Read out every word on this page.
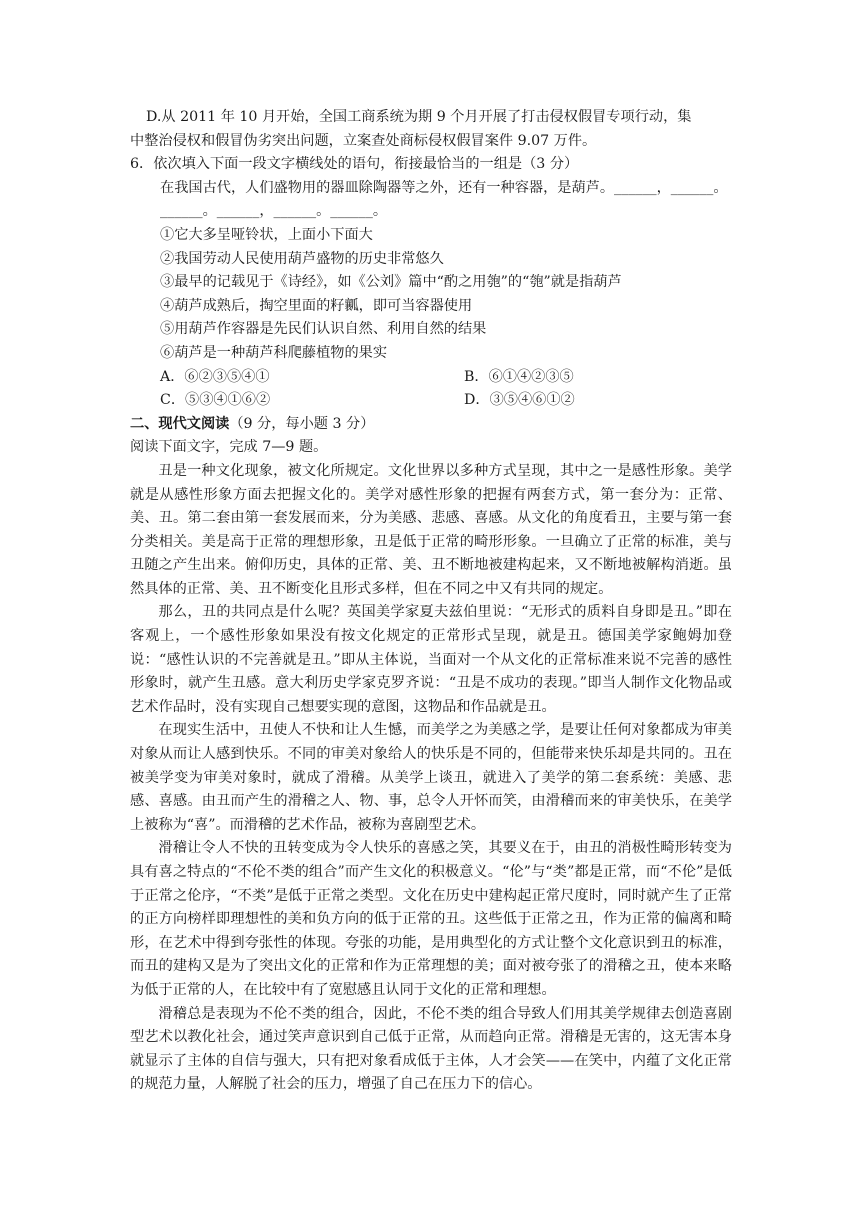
D.从 2011 年 10 月开始，全国工商系统为期 9 个月开展了打击侵权假冒专项行动，集

中整治侵权和假冒伪劣突出问题，立案查处商标侵权假冒案件 9.07 万件。

6．依次填入下面一段文字横线处的语句，衔接最恰当的一组是（3 分）

在我国古代，人们盛物用的器皿除陶器等之外，还有一种容器，是葫芦。______，______。

______。______，______。______。

①它大多呈哑铃状，上面小下面大

②我国劳动人民使用葫芦盛物的历史非常悠久

③最早的记载见于《诗经》，如《公刘》篇中“酌之用匏”的“匏”就是指葫芦

④葫芦成熟后，掏空里面的籽瓤，即可当容器使用

⑤用葫芦作容器是先民们认识自然、利用自然的结果

⑥葫芦是一种葫芦科爬藤植物的果实

A．⑥②③⑤④①	B．⑥①④②③⑤
C．⑤③④①⑥②	D．③⑤④⑥①②

二、现代文阅读（9 分，每小题 3 分）

阅读下面文字，完成 7—9 题。

丑是一种文化现象，被文化所规定。文化世界以多种方式呈现，其中之一是感性形象。美学就是从感性形象方面去把握文化的。美学对感性形象的把握有两套方式，第一套分为：正常、美、丑。第二套由第一套发展而来，分为美感、悲感、喜感。从文化的角度看丑，主要与第一套分类相关。美是高于正常的理想形象，丑是低于正常的畸形形象。一旦确立了正常的标准，美与丑随之产生出来。俯仰历史，具体的正常、美、丑不断地被建构起来，又不断地被解构消逝。虽然具体的正常、美、丑不断变化且形式多样，但在不同之中又有共同的规定。

那么，丑的共同点是什么呢？英国美学家夏夫兹伯里说：“无形式的质料自身即是丑。”即在客观上，一个感性形象如果没有按文化规定的正常形式呈现，就是丑。德国美学家鲍姆加登说：“感性认识的不完善就是丑。”即从主体说，当面对一个从文化的正常标准来说不完善的感性形象时，就产生丑感。意大利历史学家克罗齐说：“丑是不成功的表现。”即当人制作文化物品或艺术作品时，没有实现自己想要实现的意图，这物品和作品就是丑。

在现实生活中，丑使人不快和让人生憾，而美学之为美感之学，是要让任何对象都成为审美对象从而让人感到快乐。不同的审美对象给人的快乐是不同的，但能带来快乐却是共同的。丑在被美学变为审美对象时，就成了滑稽。从美学上谈丑，就进入了美学的第二套系统：美感、悲感、喜感。由丑而产生的滑稽之人、物、事，总令人开怀而笑，由滑稽而来的审美快乐，在美学上被称为“喜”。而滑稽的艺术作品，被称为喜剧型艺术。

滑稽让令人不快的丑转变成为令人快乐的喜感之笑，其要义在于，由丑的消极性畸形转变为具有喜之特点的“不伦不类的组合”而产生文化的积极意义。“伦”与“类”都是正常，而“不伦”是低于正常之伦序，“不类”是低于正常之类型。文化在历史中建构起正常尺度时，同时就产生了正常的正方向榜样即理想性的美和负方向的低于正常的丑。这些低于正常之丑，作为正常的偏离和畸形，在艺术中得到夸张性的体现。夸张的功能，是用典型化的方式让整个文化意识到丑的标准，而丑的建构又是为了突出文化的正常和作为正常理想的美；面对被夸张了的滑稽之丑，使本来略为低于正常的人，在比较中有了宽慰感且认同于文化的正常和理想。

滑稽总是表现为不伦不类的组合，因此，不伦不类的组合导致人们用其美学规律去创造喜剧型艺术以教化社会，通过笑声意识到自己低于正常，从而趋向正常。滑稽是无害的，这无害本身就显示了主体的自信与强大，只有把对象看成低于主体，人才会笑——在笑中，内蕴了文化正常的规范力量，人解脱了社会的压力，增强了自己在压力下的信心。
